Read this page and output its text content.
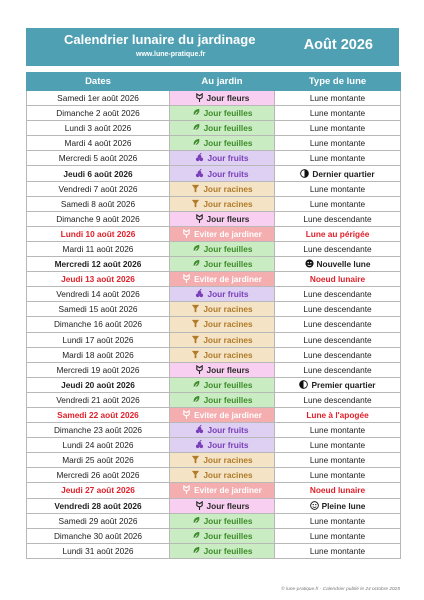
Calendrier lunaire du jardinage
www.lune-pratique.fr
Août 2026
Dates	Au jardin	Type de lune
Samedi 1er août 2026	Jour fleurs	Lune montante
Dimanche 2 août 2026	Jour feuilles	Lune montante
Lundi 3 août 2026	Jour feuilles	Lune montante
Mardi 4 août 2026	Jour feuilles	Lune montante
Mercredi 5 août 2026	Jour fruits	Lune montante
Jeudi 6 août 2026	Jour fruits	Dernier quartier
Vendredi 7 août 2026	Jour racines	Lune montante
Samedi 8 août 2026	Jour racines	Lune montante
Dimanche 9 août 2026	Jour fleurs	Lune descendante
Lundi 10 août 2026	Eviter de jardiner	Lune au périgée
Mardi 11 août 2026	Jour feuilles	Lune descendante
Mercredi 12 août 2026	Jour feuilles	Nouvelle lune
Jeudi 13 août 2026	Eviter de jardiner	Noeud lunaire
Vendredi 14 août 2026	Jour fruits	Lune descendante
Samedi 15 août 2026	Jour racines	Lune descendante
Dimanche 16 août 2026	Jour racines	Lune descendante
Lundi 17 août 2026	Jour racines	Lune descendante
Mardi 18 août 2026	Jour racines	Lune descendante
Mercredi 19 août 2026	Jour fleurs	Lune descendante
Jeudi 20 août 2026	Jour feuilles	Premier quartier
Vendredi 21 août 2026	Jour feuilles	Lune descendante
Samedi 22 août 2026	Eviter de jardiner	Lune à l'apogée
Dimanche 23 août 2026	Jour fruits	Lune montante
Lundi 24 août 2026	Jour fruits	Lune montante
Mardi 25 août 2026	Jour racines	Lune montante
Mercredi 26 août 2026	Jour racines	Lune montante
Jeudi 27 août 2026	Eviter de jardiner	Noeud lunaire
Vendredi 28 août 2026	Jour fleurs	Pleine lune
Samedi 29 août 2026	Jour feuilles	Lune montante
Dimanche 30 août 2026	Jour feuilles	Lune montante
Lundi 31 août 2026	Jour feuilles	Lune montante
© lune-pratique.fr - Calendrier publié le 24 octobre 2025
